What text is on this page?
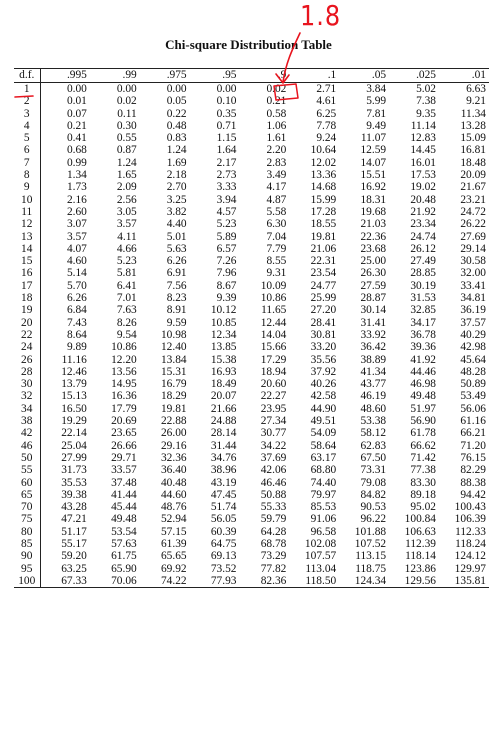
1.8
Chi-square Distribution Table
d.f.	.995	.99	.975	.95	.9	.1	.05	.025	.01
1	0.00	0.00	0.00	0.00	0.02	2.71	3.84	5.02	6.63
2	0.01	0.02	0.05	0.10	0.21	4.61	5.99	7.38	9.21
3	0.07	0.11	0.22	0.35	0.58	6.25	7.81	9.35	11.34
4	0.21	0.30	0.48	0.71	1.06	7.78	9.49	11.14	13.28
5	0.41	0.55	0.83	1.15	1.61	9.24	11.07	12.83	15.09
6	0.68	0.87	1.24	1.64	2.20	10.64	12.59	14.45	16.81
7	0.99	1.24	1.69	2.17	2.83	12.02	14.07	16.01	18.48
8	1.34	1.65	2.18	2.73	3.49	13.36	15.51	17.53	20.09
9	1.73	2.09	2.70	3.33	4.17	14.68	16.92	19.02	21.67
10	2.16	2.56	3.25	3.94	4.87	15.99	18.31	20.48	23.21
11	2.60	3.05	3.82	4.57	5.58	17.28	19.68	21.92	24.72
12	3.07	3.57	4.40	5.23	6.30	18.55	21.03	23.34	26.22
13	3.57	4.11	5.01	5.89	7.04	19.81	22.36	24.74	27.69
14	4.07	4.66	5.63	6.57	7.79	21.06	23.68	26.12	29.14
15	4.60	5.23	6.26	7.26	8.55	22.31	25.00	27.49	30.58
16	5.14	5.81	6.91	7.96	9.31	23.54	26.30	28.85	32.00
17	5.70	6.41	7.56	8.67	10.09	24.77	27.59	30.19	33.41
18	6.26	7.01	8.23	9.39	10.86	25.99	28.87	31.53	34.81
19	6.84	7.63	8.91	10.12	11.65	27.20	30.14	32.85	36.19
20	7.43	8.26	9.59	10.85	12.44	28.41	31.41	34.17	37.57
22	8.64	9.54	10.98	12.34	14.04	30.81	33.92	36.78	40.29
24	9.89	10.86	12.40	13.85	15.66	33.20	36.42	39.36	42.98
26	11.16	12.20	13.84	15.38	17.29	35.56	38.89	41.92	45.64
28	12.46	13.56	15.31	16.93	18.94	37.92	41.34	44.46	48.28
30	13.79	14.95	16.79	18.49	20.60	40.26	43.77	46.98	50.89
32	15.13	16.36	18.29	20.07	22.27	42.58	46.19	49.48	53.49
34	16.50	17.79	19.81	21.66	23.95	44.90	48.60	51.97	56.06
38	19.29	20.69	22.88	24.88	27.34	49.51	53.38	56.90	61.16
42	22.14	23.65	26.00	28.14	30.77	54.09	58.12	61.78	66.21
46	25.04	26.66	29.16	31.44	34.22	58.64	62.83	66.62	71.20
50	27.99	29.71	32.36	34.76	37.69	63.17	67.50	71.42	76.15
55	31.73	33.57	36.40	38.96	42.06	68.80	73.31	77.38	82.29
60	35.53	37.48	40.48	43.19	46.46	74.40	79.08	83.30	88.38
65	39.38	41.44	44.60	47.45	50.88	79.97	84.82	89.18	94.42
70	43.28	45.44	48.76	51.74	55.33	85.53	90.53	95.02	100.43
75	47.21	49.48	52.94	56.05	59.79	91.06	96.22	100.84	106.39
80	51.17	53.54	57.15	60.39	64.28	96.58	101.88	106.63	112.33
85	55.17	57.63	61.39	64.75	68.78	102.08	107.52	112.39	118.24
90	59.20	61.75	65.65	69.13	73.29	107.57	113.15	118.14	124.12
95	63.25	65.90	69.92	73.52	77.82	113.04	118.75	123.86	129.97
100	67.33	70.06	74.22	77.93	82.36	118.50	124.34	129.56	135.81
